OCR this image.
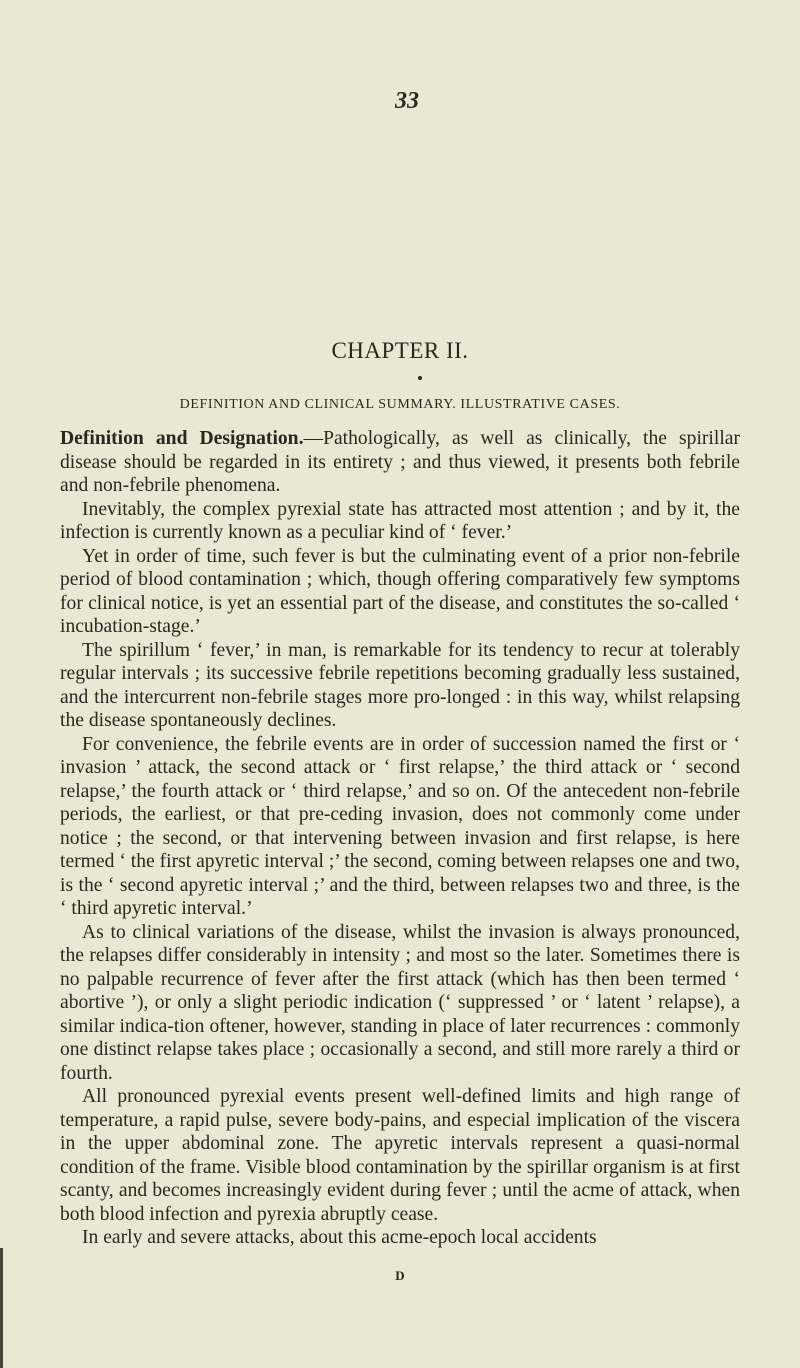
33
CHAPTER II.
DEFINITION AND CLINICAL SUMMARY. ILLUSTRATIVE CASES.

Definition and Designation.—Pathologically, as well as clinically, the spirillar disease should be regarded in its entirety ; and thus viewed, it presents both febrile and non-febrile phenomena.

Inevitably, the complex pyrexial state has attracted most attention ; and by it, the infection is currently known as a peculiar kind of ‘ fever.’

Yet in order of time, such fever is but the culminating event of a prior non-febrile period of blood contamination ; which, though offering comparatively few symptoms for clinical notice, is yet an essential part of the disease, and constitutes the so-called ‘ incubation-stage.’

The spirillum ‘ fever,’ in man, is remarkable for its tendency to recur at tolerably regular intervals ; its successive febrile repetitions becoming gradually less sustained, and the intercurrent non-febrile stages more pro-longed : in this way, whilst relapsing the disease spontaneously declines.

For convenience, the febrile events are in order of succession named the first or ‘ invasion ’ attack, the second attack or ‘ first relapse,’ the third attack or ‘ second relapse,’ the fourth attack or ‘ third relapse,’ and so on. Of the antecedent non-febrile periods, the earliest, or that pre-ceding invasion, does not commonly come under notice ; the second, or that intervening between invasion and first relapse, is here termed ‘ the first apyretic interval ;’ the second, coming between relapses one and two, is the ‘ second apyretic interval ;’ and the third, between relapses two and three, is the ‘ third apyretic interval.’

As to clinical variations of the disease, whilst the invasion is always pronounced, the relapses differ considerably in intensity ; and most so the later. Sometimes there is no palpable recurrence of fever after the first attack (which has then been termed ‘ abortive ’), or only a slight periodic indication (‘ suppressed ’ or ‘ latent ’ relapse), a similar indica-tion oftener, however, standing in place of later recurrences : commonly one distinct relapse takes place ; occasionally a second, and still more rarely a third or fourth.

All pronounced pyrexial events present well-defined limits and high range of temperature, a rapid pulse, severe body-pains, and especial implication of the viscera in the upper abdominal zone. The apyretic intervals represent a quasi-normal condition of the frame. Visible blood contamination by the spirillar organism is at first scanty, and becomes increasingly evident during fever ; until the acme of attack, when both blood infection and pyrexia abruptly cease.

In early and severe attacks, about this acme-epoch local accidents

D
